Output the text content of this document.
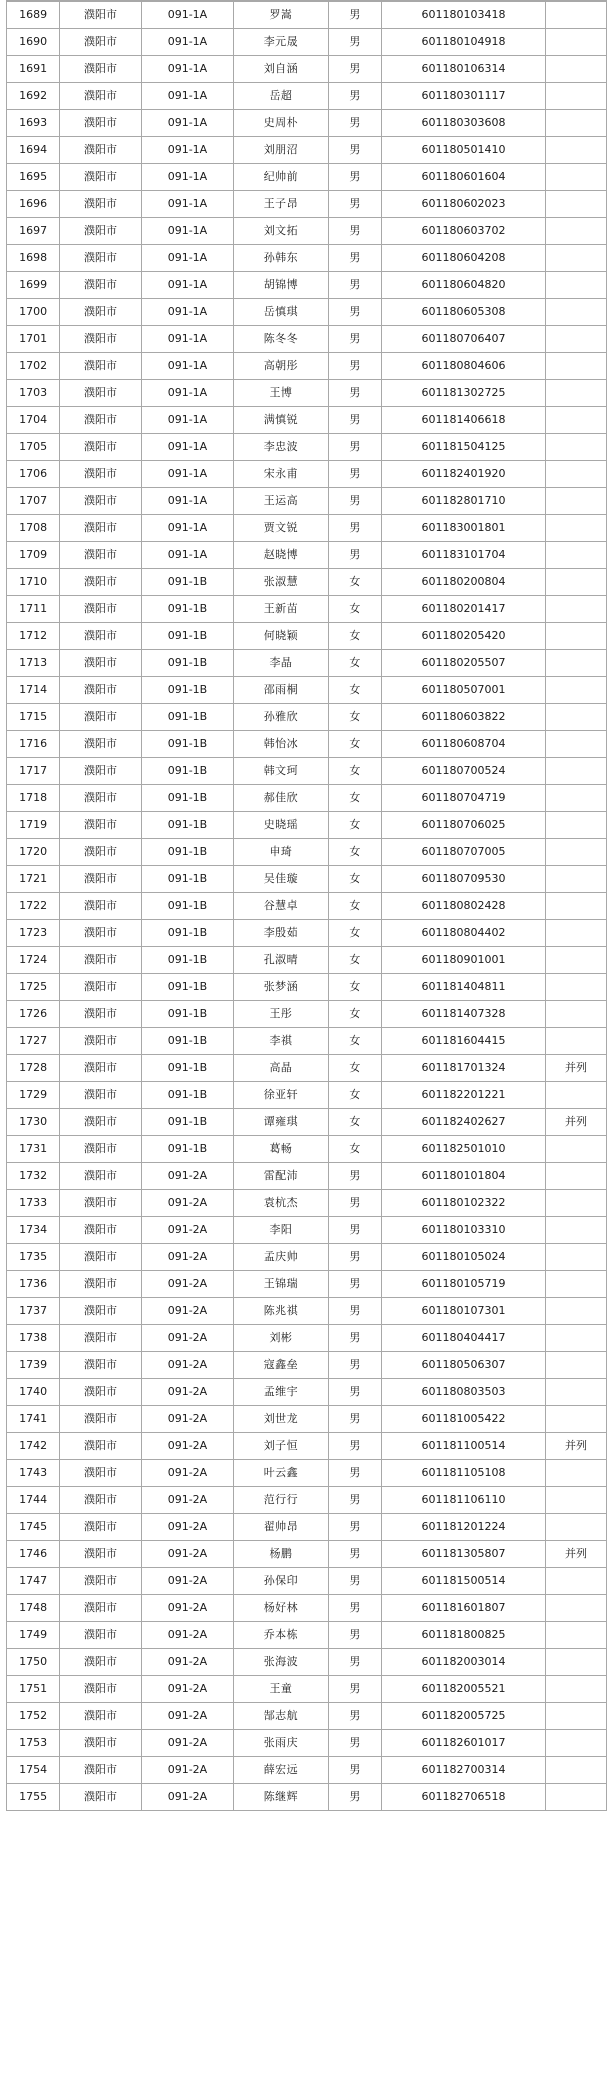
1689	濮阳市	091-1A	罗嵩	男	601180103418	
1690	濮阳市	091-1A	李元晟	男	601180104918	
1691	濮阳市	091-1A	刘自涵	男	601180106314	
1692	濮阳市	091-1A	岳超	男	601180301117	
1693	濮阳市	091-1A	史周朴	男	601180303608	
1694	濮阳市	091-1A	刘朋沼	男	601180501410	
1695	濮阳市	091-1A	纪帅前	男	601180601604	
1696	濮阳市	091-1A	王子昂	男	601180602023	
1697	濮阳市	091-1A	刘文拓	男	601180603702	
1698	濮阳市	091-1A	孙韩东	男	601180604208	
1699	濮阳市	091-1A	胡锦博	男	601180604820	
1700	濮阳市	091-1A	岳慎琪	男	601180605308	
1701	濮阳市	091-1A	陈冬冬	男	601180706407	
1702	濮阳市	091-1A	高朝彤	男	601180804606	
1703	濮阳市	091-1A	王博	男	601181302725	
1704	濮阳市	091-1A	满慎锐	男	601181406618	
1705	濮阳市	091-1A	李忠波	男	601181504125	
1706	濮阳市	091-1A	宋永甫	男	601182401920	
1707	濮阳市	091-1A	王运高	男	601182801710	
1708	濮阳市	091-1A	贾文锐	男	601183001801	
1709	濮阳市	091-1A	赵晓博	男	601183101704	
1710	濮阳市	091-1B	张淑慧	女	601180200804	
1711	濮阳市	091-1B	王新苗	女	601180201417	
1712	濮阳市	091-1B	何晓颖	女	601180205420	
1713	濮阳市	091-1B	李晶	女	601180205507	
1714	濮阳市	091-1B	邵雨桐	女	601180507001	
1715	濮阳市	091-1B	孙雅欣	女	601180603822	
1716	濮阳市	091-1B	韩怡冰	女	601180608704	
1717	濮阳市	091-1B	韩文珂	女	601180700524	
1718	濮阳市	091-1B	郝佳欣	女	601180704719	
1719	濮阳市	091-1B	史晓瑶	女	601180706025	
1720	濮阳市	091-1B	申琦	女	601180707005	
1721	濮阳市	091-1B	吴佳璇	女	601180709530	
1722	濮阳市	091-1B	谷慧卓	女	601180802428	
1723	濮阳市	091-1B	李殷茹	女	601180804402	
1724	濮阳市	091-1B	孔淑晴	女	601180901001	
1725	濮阳市	091-1B	张梦涵	女	601181404811	
1726	濮阳市	091-1B	王彤	女	601181407328	
1727	濮阳市	091-1B	李祺	女	601181604415	
1728	濮阳市	091-1B	高晶	女	601181701324	并列
1729	濮阳市	091-1B	徐亚轩	女	601182201221	
1730	濮阳市	091-1B	谭雍琪	女	601182402627	并列
1731	濮阳市	091-1B	葛畅	女	601182501010	
1732	濮阳市	091-2A	雷配沛	男	601180101804	
1733	濮阳市	091-2A	袁杭杰	男	601180102322	
1734	濮阳市	091-2A	李阳	男	601180103310	
1735	濮阳市	091-2A	孟庆帅	男	601180105024	
1736	濮阳市	091-2A	王锦瑞	男	601180105719	
1737	濮阳市	091-2A	陈兆祺	男	601180107301	
1738	濮阳市	091-2A	刘彬	男	601180404417	
1739	濮阳市	091-2A	寇鑫垒	男	601180506307	
1740	濮阳市	091-2A	孟维宇	男	601180803503	
1741	濮阳市	091-2A	刘世龙	男	601181005422	
1742	濮阳市	091-2A	刘子恒	男	601181100514	并列
1743	濮阳市	091-2A	叶云鑫	男	601181105108	
1744	濮阳市	091-2A	范行行	男	601181106110	
1745	濮阳市	091-2A	翟帅昂	男	601181201224	
1746	濮阳市	091-2A	杨鹏	男	601181305807	并列
1747	濮阳市	091-2A	孙保印	男	601181500514	
1748	濮阳市	091-2A	杨好林	男	601181601807	
1749	濮阳市	091-2A	乔本栋	男	601181800825	
1750	濮阳市	091-2A	张海波	男	601182003014	
1751	濮阳市	091-2A	王童	男	601182005521	
1752	濮阳市	091-2A	郜志航	男	601182005725	
1753	濮阳市	091-2A	张雨庆	男	601182601017	
1754	濮阳市	091-2A	薛宏远	男	601182700314	
1755	濮阳市	091-2A	陈继辉	男	601182706518	
